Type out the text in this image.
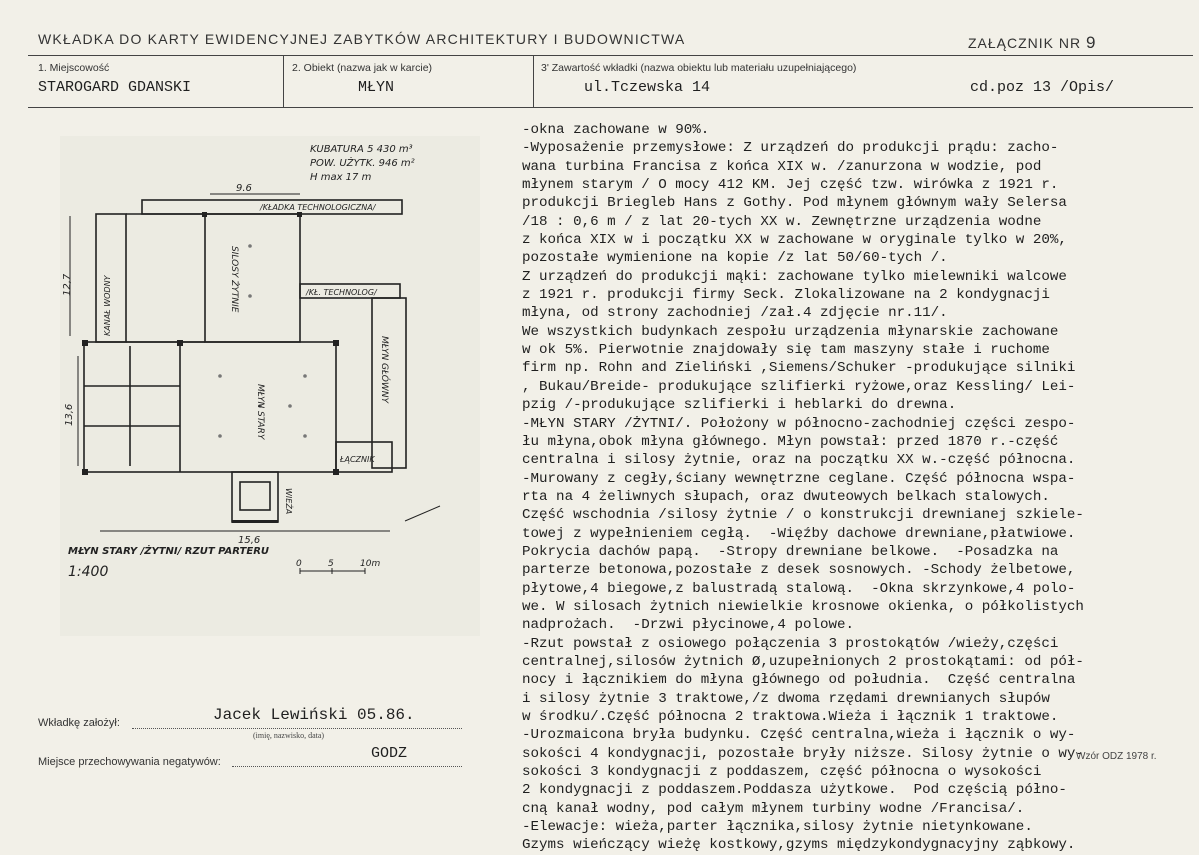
WKŁADKA DO KARTY EWIDENCYJNEJ ZABYTKÓW ARCHITEKTURY I BUDOWNICTWA	ZAŁĄCZNIK NR 9
1. Miejscowość
STAROGARD GDANSKI
2. Obiekt (nazwa jak w karcie)
MŁYN
3' Zawartość wkładki (nazwa obiektu lub materiału uzupełniającego)
ul.Tczewska 14	cd.poz 13 /Opis/
KUBATURA 5 430 m³
POW. UŻYTK. 946 m²
H max 17 m
9.6
/KŁADKA TECHNOLOGICZNA/
/KŁ. TECHNOLOG/
12,7
13,6
KANAŁ WODNY	SILOSY ŻYTNIE
MŁYN GŁÓWNY
MŁYN STARY
ŁĄCZNIK
WIEŻA
15,6
MŁYN STARY /ŻYTNI/ RZUT PARTERU
1:400	0	5	10m
-okna zachowane w 90%.
-Wyposażenie przemysłowe: Z urządzeń do produkcji prądu: zacho-
wana turbina Francisa z końca XIX w. /zanurzona w wodzie, pod
młynem starym / O mocy 412 KM. Jej część tzw. wirówka z 1921 r.
produkcji Briegleb Hans z Gothy. Pod młynem głównym wały Selersa
/18 : 0,6 m / z lat 20-tych XX w. Zewnętrzne urządzenia wodne
z końca XIX w i początku XX w zachowane w oryginale tylko w 20%,
pozostałe wymienione na kopie /z lat 50/60-tych /.
Z urządzeń do produkcji mąki: zachowane tylko mielewniki walcowe
z 1921 r. produkcji firmy Seck. Zlokalizowane na 2 kondygnacji
młyna, od strony zachodniej /zał.4 zdjęcie nr.11/.
We wszystkich budynkach zespołu urządzenia młynarskie zachowane
w ok 5%. Pierwotnie znajdowały się tam maszyny stałe i ruchome
firm np. Rohn and Zieliński ,Siemens/Schuker -produkujące silniki
, Bukau/Breide- produkujące szlifierki ryżowe,oraz Kessling/ Lei-
pzig /-produkujące szlifierki i heblarki do drewna.
-MŁYN STARY /ŻYTNI/. Położony w północno-zachodniej części zespo-
łu młyna,obok młyna głównego. Młyn powstał: przed 1870 r.-część
centralna i silosy żytnie, oraz na początku XX w.-część północna.
-Murowany z cegły,ściany wewnętrzne ceglane. Część północna wspa-
rta na 4 żeliwnych słupach, oraz dwuteowych belkach stalowych.
Część wschodnia /silosy żytnie / o konstrukcji drewnianej szkiele-
towej z wypełnieniem cegłą.  -Więźby dachowe drewniane,płatwiowe.
Pokrycia dachów papą.  -Stropy drewniane belkowe.  -Posadzka na
parterze betonowa,pozostałe z desek sosnowych. -Schody żelbetowe,
płytowe,4 biegowe,z balustradą stalową.  -Okna skrzynkowe,4 polo-
we. W silosach żytnich niewielkie krosnowe okienka, o półkolistych
nadprożach.  -Drzwi płycinowe,4 polowe.
-Rzut powstał z osiowego połączenia 3 prostokątów /wieży,części
centralnej,silosów żytnich Ø,uzupełnionych 2 prostokątami: od pół-
nocy i łącznikiem do młyna głównego od południa.  Część centralna
i silosy żytnie 3 traktowe,/z dwoma rzędami drewnianych słupów
w środku/.Część północna 2 traktowa.Wieża i łącznik 1 traktowe.
-Urozmaicona bryła budynku. Część centralna,wieża i łącznik o wy-
sokości 4 kondygnacji, pozostałe bryły niższe. Silosy żytnie o wy-
sokości 3 kondygnacji z poddaszem, część północna o wysokości
2 kondygnacji z poddaszem.Poddasza użytkowe.  Pod częścią półno-
cną kanał wodny, pod całym młynem turbiny wodne /Francisa/.
-Elewacje: wieża,parter łącznika,silosy żytnie nietynkowane.
Gzyms wieńczący wieżę kostkowy,gzyms międzykondygnacyjny ząbkowy.
Wkładkę założył:	Jacek Lewiński 05.86.
(imię, nazwisko, data)
Miejsce przechowywania negatywów:	GODZ	Wzór ODZ 1978 r.
